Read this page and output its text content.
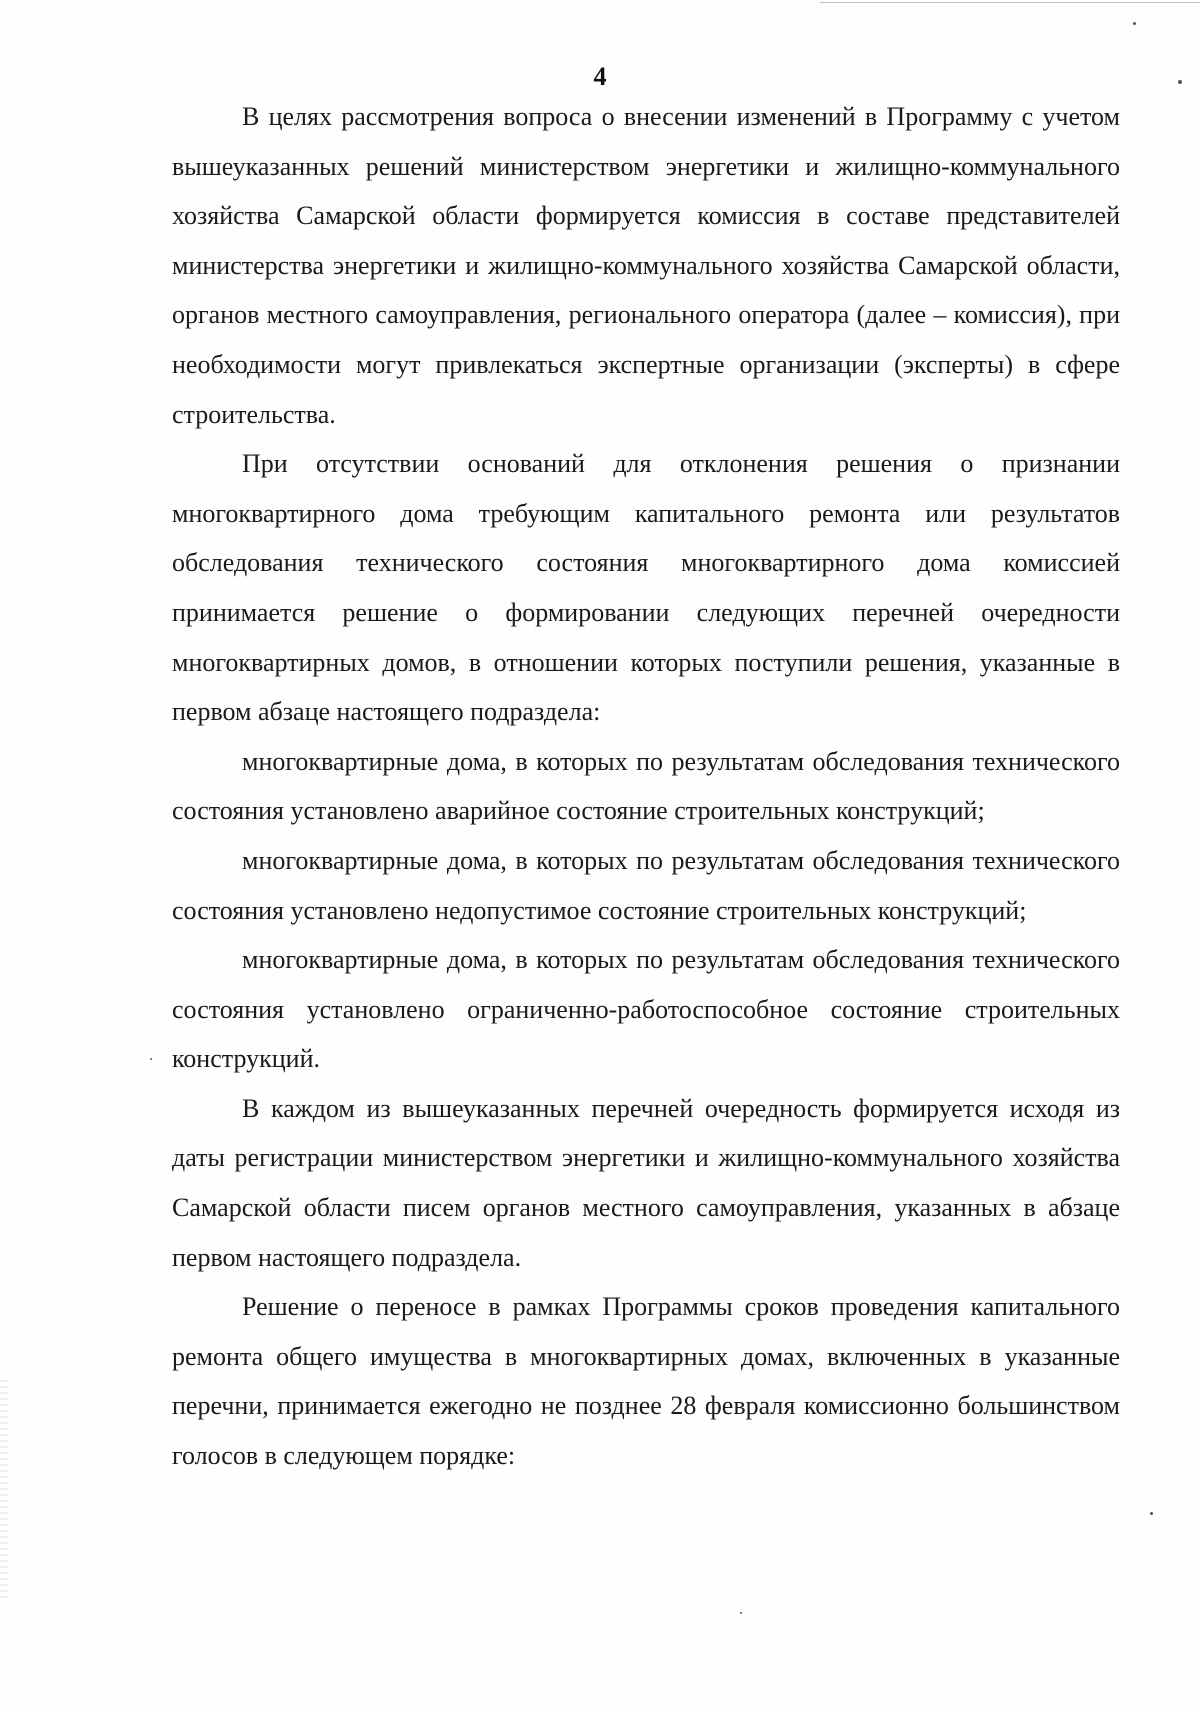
4

В целях рассмотрения вопроса о внесении изменений в Программу с учетом вышеуказанных решений министерством энергетики и жилищно-коммунального хозяйства Самарской области формируется комиссия в составе представителей министерства энергетики и жилищно-коммунального хозяйства Самарской области, органов местного самоуправления, регионального оператора (далее – комиссия), при необходимости могут привлекаться экспертные организации (эксперты) в сфере строительства.

При отсутствии оснований для отклонения решения о признании многоквартирного дома требующим капитального ремонта или результатов обследования технического состояния многоквартирного дома комиссией принимается решение о формировании следующих перечней очередности многоквартирных домов, в отношении которых поступили решения, указанные в первом абзаце настоящего подраздела:

многоквартирные дома, в которых по результатам обследования технического состояния установлено аварийное состояние строительных конструкций;

многоквартирные дома, в которых по результатам обследования технического состояния установлено недопустимое состояние строительных конструкций;

многоквартирные дома, в которых по результатам обследования технического состояния установлено ограниченно-работоспособное состояние строительных конструкций.

В каждом из вышеуказанных перечней очередность формируется исходя из даты регистрации министерством энергетики и жилищно-коммунального хозяйства Самарской области писем органов местного самоуправления, указанных в абзаце первом настоящего подраздела.

Решение о переносе в рамках Программы сроков проведения капитального ремонта общего имущества в многоквартирных домах, включенных в указанные перечни, принимается ежегодно не позднее 28 февраля комиссионно большинством голосов в следующем порядке:
